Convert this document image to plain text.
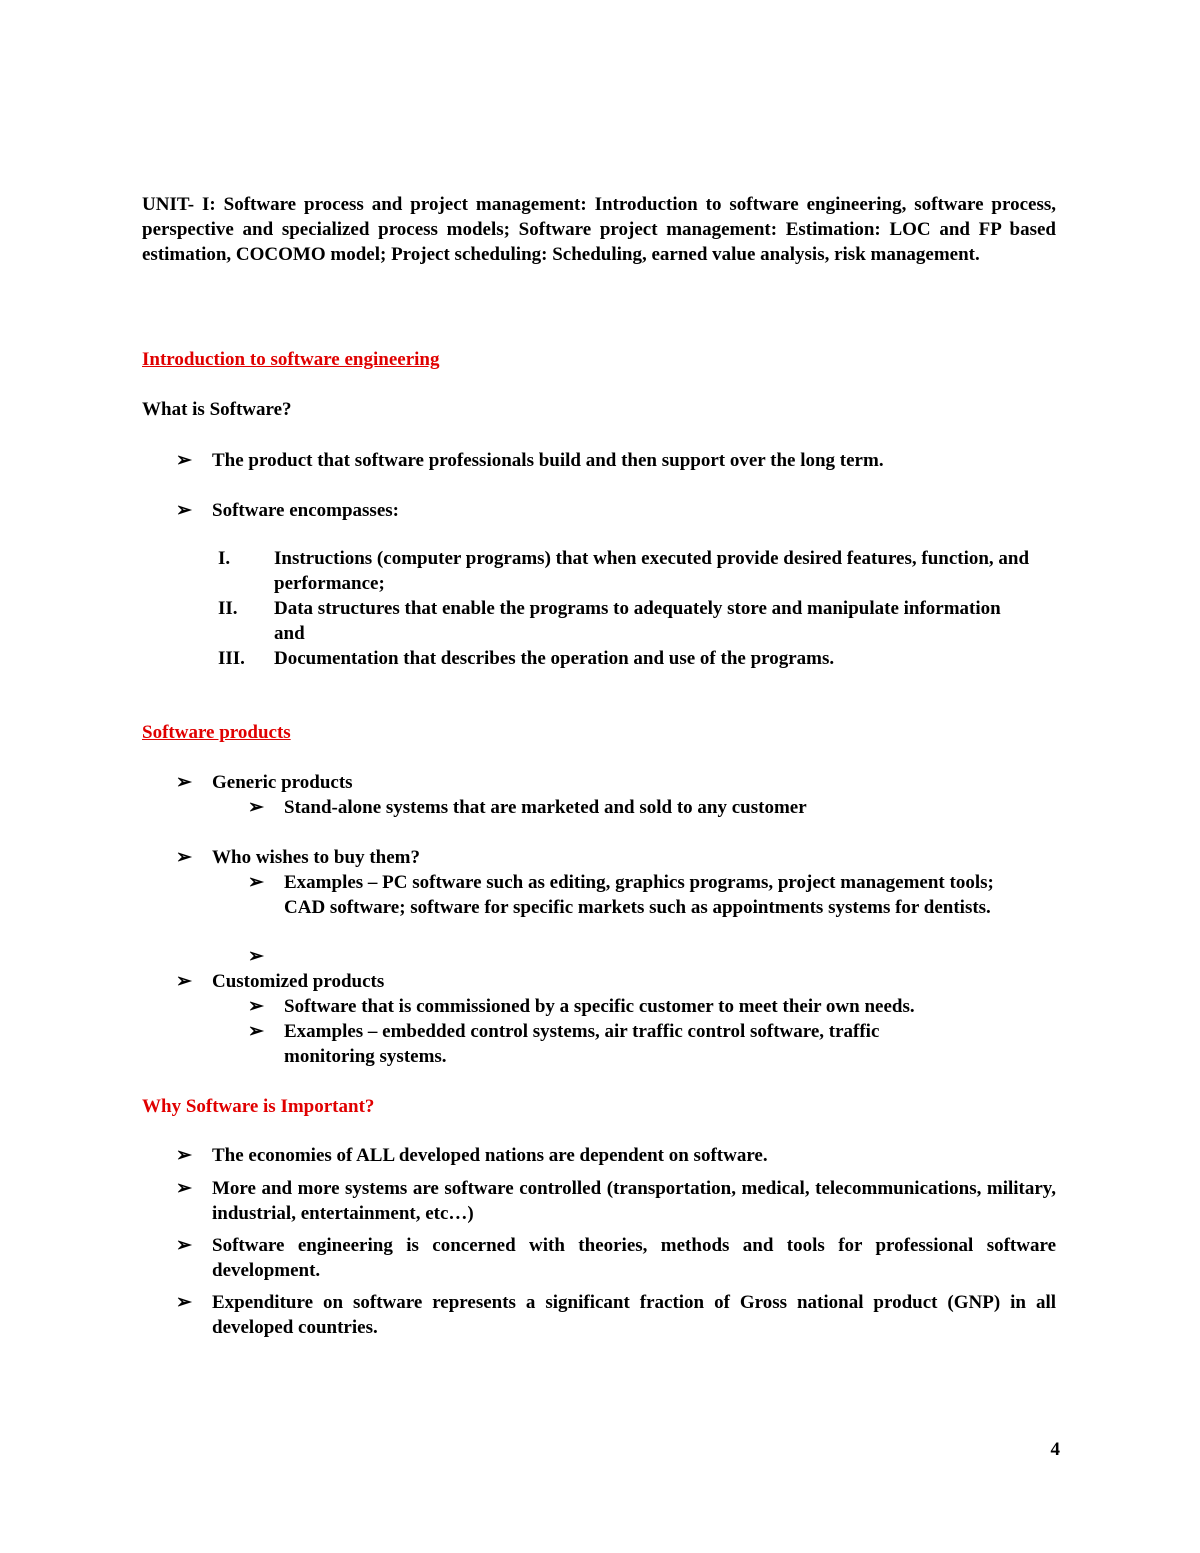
UNIT- I: Software process and project management: Introduction to software engineering, software process, perspective and specialized process models; Software project management: Estimation: LOC and FP based estimation, COCOMO model; Project scheduling: Scheduling, earned value analysis, risk management.

Introduction to software engineering
What is Software?
➢ The product that software professionals build and then support over the long term.
➢ Software encompasses:
I.	Instructions (computer programs) that when executed provide desired features, function, and performance;
II.	Data structures that enable the programs to adequately store and manipulate information and
III.	Documentation that describes the operation and use of the programs.
Software products
➢ Generic products
➢ Stand-alone systems that are marketed and sold to any customer
➢ Who wishes to buy them?
➢ Examples – PC software such as editing, graphics programs, project management tools; CAD software; software for specific markets such as appointments systems for dentists.
➢
➢ Customized products
➢ Software that is commissioned by a specific customer to meet their own needs.
➢ Examples – embedded control systems, air traffic control software, traffic monitoring systems.
Why Software is Important?
➢ The economies of ALL developed nations are dependent on software.
➢ More and more systems are software controlled (transportation, medical, telecommunications, military, industrial, entertainment, etc…)
➢ Software engineering is concerned with theories, methods and tools for professional software development.
➢ Expenditure on software represents a significant fraction of Gross national product (GNP) in all developed countries.
4
